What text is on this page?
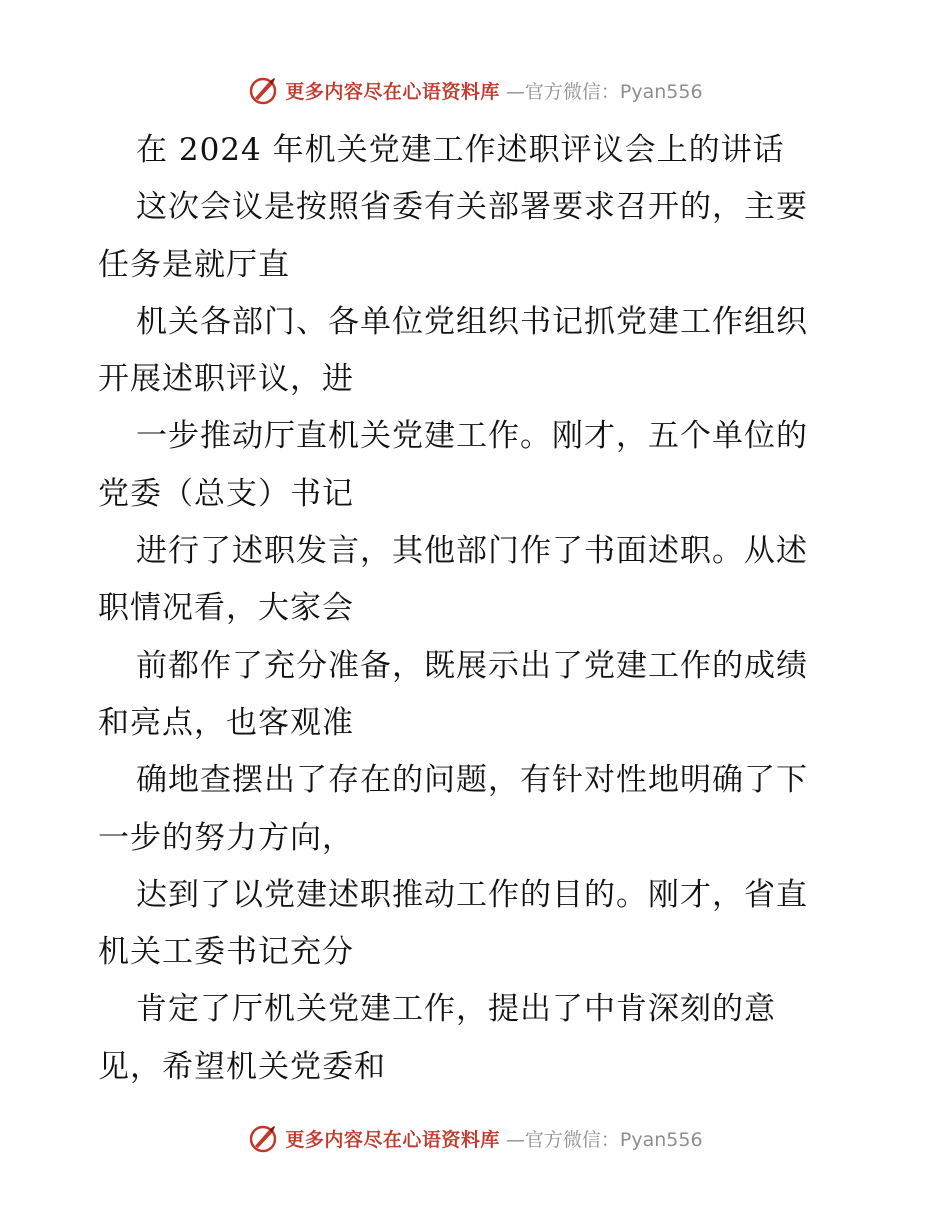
更多内容尽在心语资料库 —官方微信：Pyan556
在 2024 年机关党建工作述职评议会上的讲话
这次会议是按照省委有关部署要求召开的，主要
任务是就厅直
机关各部门、各单位党组织书记抓党建工作组织
开展述职评议，进
一步推动厅直机关党建工作。刚才，五个单位的
党委（总支）书记
进行了述职发言，其他部门作了书面述职。从述
职情况看，大家会
前都作了充分准备，既展示出了党建工作的成绩
和亮点，也客观准
确地查摆出了存在的问题，有针对性地明确了下
一步的努力方向，
达到了以党建述职推动工作的目的。刚才，省直
机关工委书记充分
肯定了厅机关党建工作，提出了中肯深刻的意
见，希望机关党委和
更多内容尽在心语资料库 —官方微信：Pyan556
